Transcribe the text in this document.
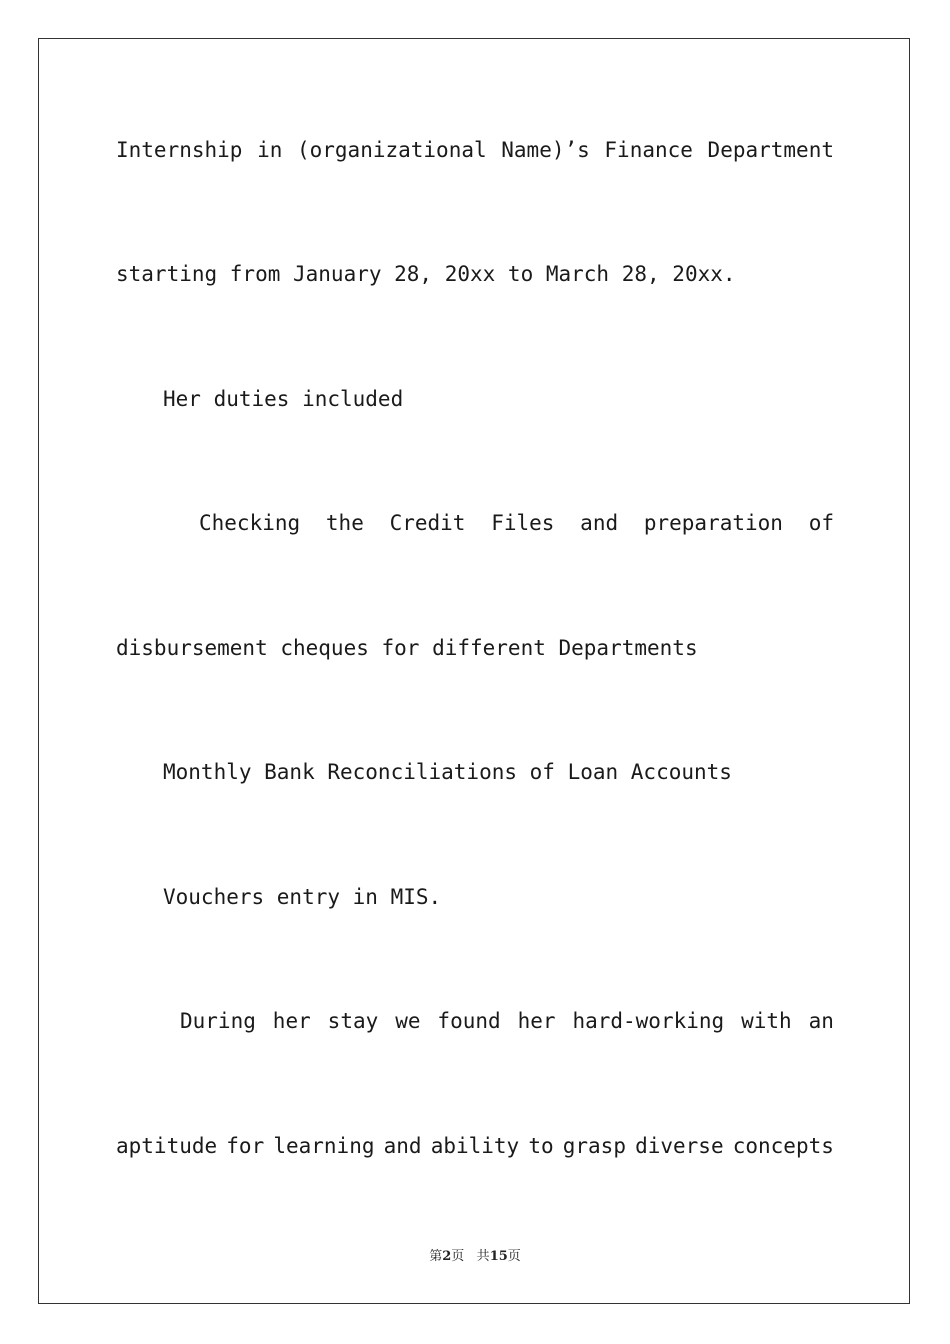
Internship in (organizational Name)’s Finance Department
starting from January 28, 20xx to March 28, 20xx.
Her duties included
Checking the Credit Files and preparation of
disbursement cheques for different Departments
Monthly Bank Reconciliations of Loan Accounts
Vouchers entry in MIS.
During her stay we found her hard-working with an
aptitude for learning and ability to grasp diverse concepts
第2页 共15页
